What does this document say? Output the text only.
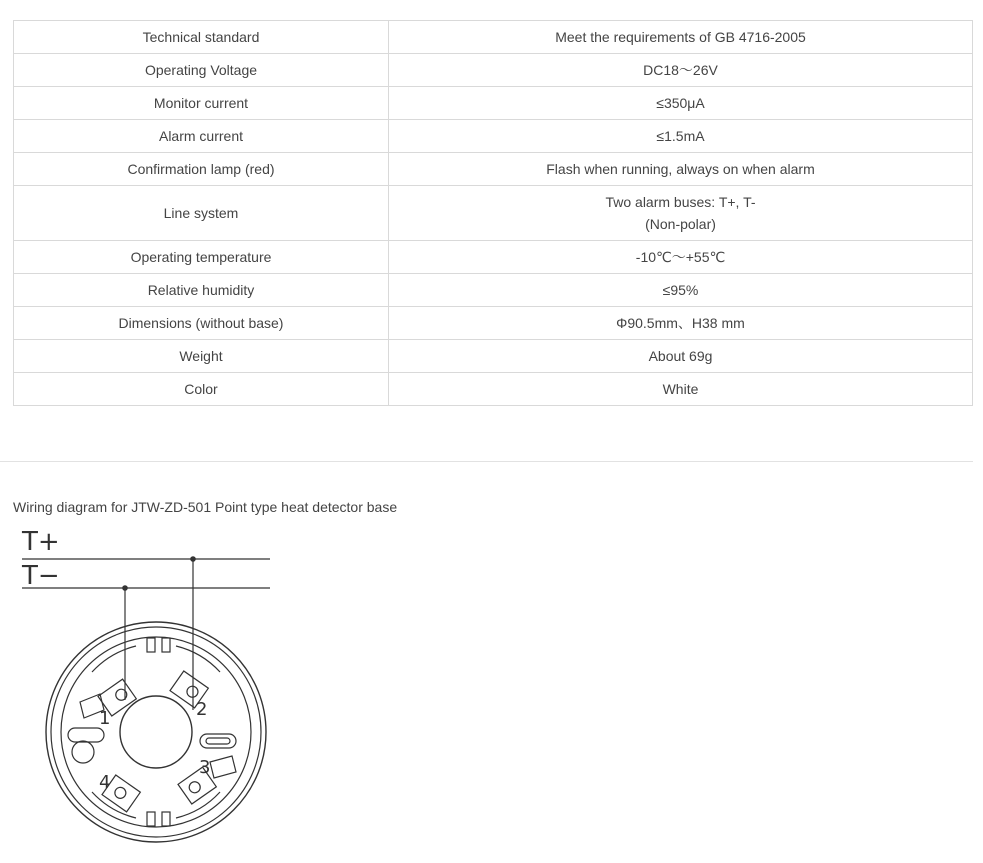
Technical standard	Meet the requirements of GB 4716-2005
Operating Voltage	DC18～26V
Monitor current	≤350μA
Alarm current	≤1.5mA
Confirmation lamp (red)	Flash when running, always on when alarm
Line system	Two alarm buses: T+, T-
(Non-polar)

Operating temperature	-10℃～+55℃
Relative humidity	≤95%
Dimensions (without base)	Φ90.5mm、H38 mm
Weight	About 69g
Color	White
Wiring diagram for JTW-ZD-501 Point type heat detector base
T+
T−
1	2
3
4
